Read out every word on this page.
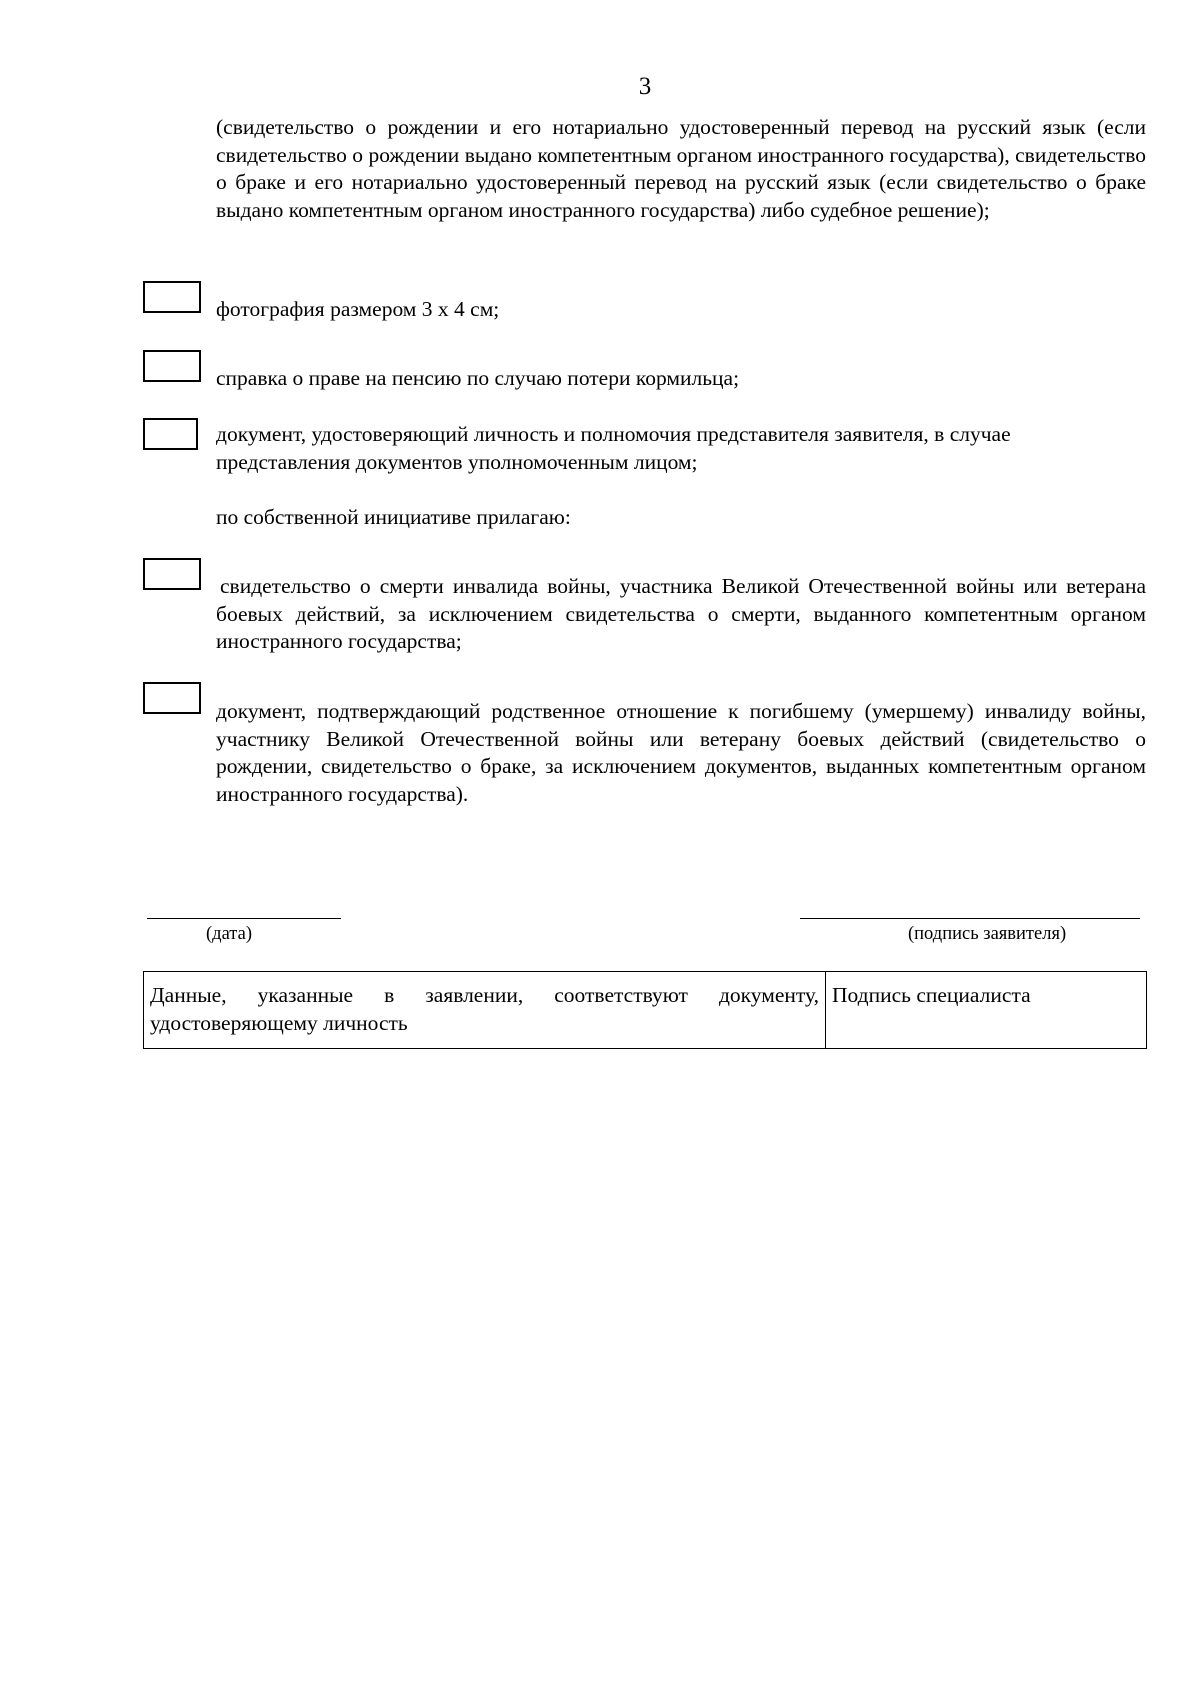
3
(свидетельство о рождении и его нотариально удостоверенный перевод на русский язык (если свидетельство о рождении выдано компетентным органом иностранного государства), свидетельство о браке и его нотариально удостоверенный перевод на русский язык (если свидетельство о браке выдано компетентным органом иностранного государства) либо судебное решение);
фотография размером 3 х 4 см;
справка о праве на пенсию по случаю потери кормильца;
документ, удостоверяющий личность и полномочия представителя заявителя, в случае представления документов уполномоченным лицом;
по собственной инициативе прилагаю:
свидетельство о смерти инвалида войны, участника Великой Отечественной войны или ветерана боевых действий, за исключением свидетельства о смерти, выданного компетентным органом иностранного государства;
документ, подтверждающий родственное отношение к погибшему (умершему) инвалиду войны, участнику Великой Отечественной войны или ветерану боевых действий (свидетельство о рождении, свидетельство о браке, за исключением документов, выданных компетентным органом иностранного государства).
(дата)	(подпись заявителя)
Данные, указанные в заявлении, соответствуют документу, удостоверяющему личность
Подпись специалиста
